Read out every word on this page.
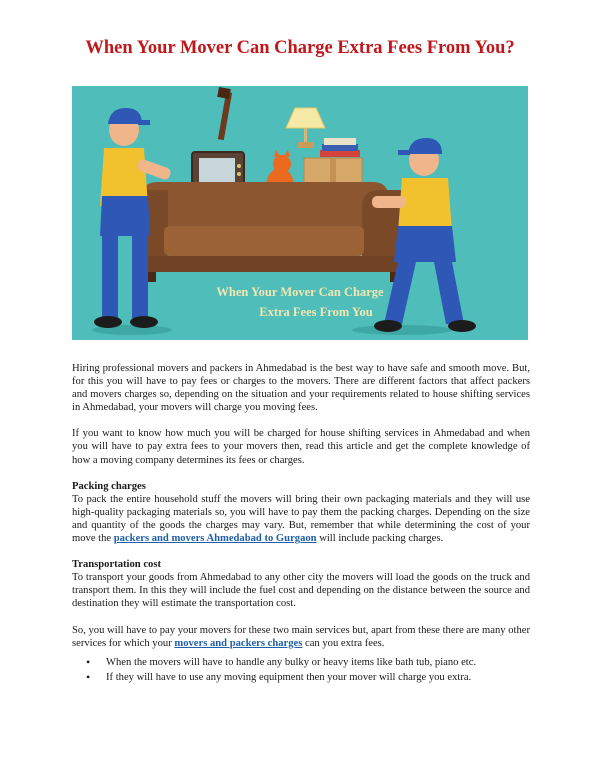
When Your Mover Can Charge Extra Fees From You?
When Your Mover Can Charge
Extra Fees From You

Hiring professional movers and packers in Ahmedabad is the best way to have safe and smooth move. But, for this you will have to pay fees or charges to the movers. There are different factors that affect packers and movers charges so, depending on the situation and your requirements related to house shifting services in Ahmedabad, your movers will charge you moving fees.

If you want to know how much you will be charged for house shifting services in Ahmedabad and when you will have to pay extra fees to your movers then, read this article and get the complete knowledge of how a moving company determines its fees or charges.

Packing charges

To pack the entire household stuff the movers will bring their own packaging materials and they will use high-quality packaging materials so, you will have to pay them the packing charges. Depending on the size and quantity of the goods the charges may vary. But, remember that while determining the cost of your move the packers and movers Ahmedabad to Gurgaon will include packing charges.

Transportation cost

To transport your goods from Ahmedabad to any other city the movers will load the goods on the truck and transport them. In this they will include the fuel cost and depending on the distance between the source and destination they will estimate the transportation cost.

So, you will have to pay your movers for these two main services but, apart from these there are many other services for which your movers and packers charges can you extra fees.

• When the movers will have to handle any bulky or heavy items like bath tub, piano etc.
• If they will have to use any moving equipment then your mover will charge you extra.
